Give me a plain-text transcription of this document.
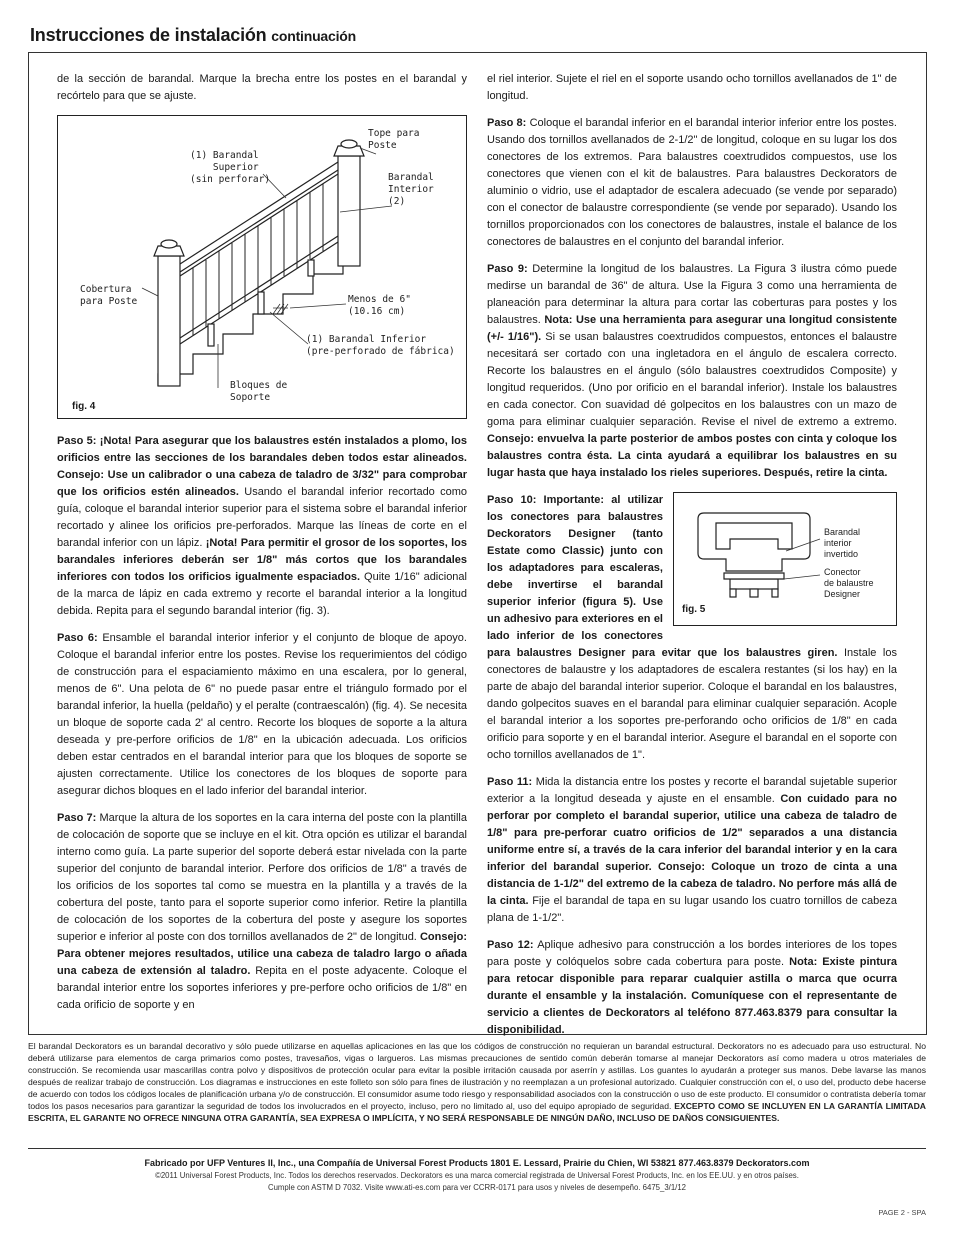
Instrucciones de instalación continuación

de la sección de barandal. Marque la brecha entre los postes en el barandal y recórtelo para que se ajuste.

(1) Barandal
Superior
(sin perforar)
Tope para
Poste
Barandal
Interior
(2)
Cobertura
para Poste	Menos de 6"
(10.16 cm)
(1) Barandal Inferior
(pre-perforado de fábrica)
Bloques de
Soporte
fig. 4

Paso 5: ¡Nota! Para asegurar que los balaustres estén instalados a plomo, los orificios entre las secciones de los barandales deben todos estar alineados. Consejo: Use un calibrador o una cabeza de taladro de 3/32" para comprobar que los orificios estén alineados. Usando el barandal inferior recortado como guía, coloque el barandal interior superior para el sistema sobre el barandal inferior recortado y alinee los orificios pre-perforados. Marque las líneas de corte en el barandal inferior con un lápiz. ¡Nota! Para permitir el grosor de los soportes, los barandales inferiores deberán ser 1/8" más cortos que los barandales inferiores con todos los orificios igualmente espaciados. Quite 1/16" adicional de la marca de lápiz en cada extremo y recorte el barandal interior a la longitud debida. Repita para el segundo barandal interior (fig. 3).

Paso 6: Ensamble el barandal interior inferior y el conjunto de bloque de apoyo. Coloque el barandal inferior entre los postes. Revise los requerimientos del código de construcción para el espaciamiento máximo en una escalera, por lo general, menos de 6". Una pelota de 6" no puede pasar entre el triángulo formado por el barandal inferior, la huella (peldaño) y el peralte (contraescalón) (fig. 4). Se necesita un bloque de soporte cada 2' al centro. Recorte los bloques de soporte a la altura deseada y pre-perfore orificios de 1/8" en la ubicación adecuada. Los orificios deben estar centrados en el barandal interior para que los bloques de soporte se ajusten correctamente. Utilice los conectores de los bloques de soporte para asegurar dichos bloques en el lado inferior del barandal interior.

Paso 7: Marque la altura de los soportes en la cara interna del poste con la plantilla de colocación de soporte que se incluye en el kit. Otra opción es utilizar el barandal interno como guía. La parte superior del soporte deberá estar nivelada con la parte superior del conjunto de barandal interior. Perfore dos orificios de 1/8" a través de los orificios de los soportes tal como se muestra en la plantilla y a través de la cobertura del poste, tanto para el soporte superior como inferior. Retire la plantilla de colocación de los soportes de la cobertura del poste y asegure los soportes superior e inferior al poste con dos tornillos avellanados de 2" de longitud. Consejo: Para obtener mejores resultados, utilice una cabeza de taladro largo o añada una cabeza de extensión al taladro. Repita en el poste adyacente. Coloque el barandal interior entre los soportes inferiores y pre-perfore ocho orificios de 1/8" en cada orificio de soporte y en

el riel interior. Sujete el riel en el soporte usando ocho tornillos avellanados de 1" de longitud.

Paso 8: Coloque el barandal inferior en el barandal interior inferior entre los postes. Usando dos tornillos avellanados de 2-1/2" de longitud, coloque en su lugar los dos conectores de los extremos. Para balaustres coextrudidos compuestos, use los conectores que vienen con el kit de balaustres. Para balaustres Deckorators de aluminio o vidrio, use el adaptador de escalera adecuado (se vende por separado) con el conector de balaustre correspondiente (se vende por separado). Usando los tornillos proporcionados con los conectores de balaustres, instale el balance de los conectores de balaustres en el conjunto del barandal inferior.

Paso 9: Determine la longitud de los balaustres. La Figura 3 ilustra cómo puede medirse un barandal de 36" de altura. Use la Figura 3 como una herramienta de planeación para determinar la altura para cortar las coberturas para postes y los balaustres. Nota: Use una herramienta para asegurar una longitud consistente (+/- 1/16"). Si se usan balaustres coextrudidos compuestos, entonces el balaustre necesitará ser cortado con una ingletadora en el ángulo de escalera correcto. Recorte los balaustres en el ángulo (sólo balaustres coextrudidos Composite) y longitud requeridos. (Uno por orificio en el barandal inferior). Instale los balaustres en cada conector. Con suavidad dé golpecitos en los balaustres con un mazo de goma para eliminar cualquier separación. Revise el nivel de extremo a extremo. Consejo: envuelva la parte posterior de ambos postes con cinta y coloque los balaustres contra ésta. La cinta ayudará a equilibrar los balaustres en su lugar hasta que haya instalado los rieles superiores. Después, retire la cinta.

Barandal
interior
invertido
Conector
de balaustre
Designer
fig. 5

Paso 10: Importante: al utilizar los conectores para balaustres Deckorators Designer (tanto Estate como Classic) junto con los adaptadores para escaleras, debe invertirse el barandal superior inferior (figura 5). Use un adhesivo para exteriores en el lado inferior de los conectores para balaustres Designer para evitar que los balaustres giren. Instale los conectores de balaustre y los adaptadores de escalera restantes (si los hay) en la parte de abajo del barandal interior superior. Coloque el barandal en los balaustres, dando golpecitos suaves en el barandal para eliminar cualquier separación. Acople el barandal interior a los soportes pre-perforando ocho orificios de 1/8" en cada orificio para soporte y en el barandal interior. Asegure el barandal en el soporte con ocho tornillos avellanados de 1".

Paso 11: Mida la distancia entre los postes y recorte el barandal sujetable superior exterior a la longitud deseada y ajuste en el ensamble. Con cuidado para no perforar por completo el barandal superior, utilice una cabeza de taladro de 1/8" para pre-perforar cuatro orificios de 1/2" separados a una distancia uniforme entre sí, a través de la cara inferior del barandal interior y en la cara inferior del barandal superior. Consejo: Coloque un trozo de cinta a una distancia de 1-1/2" del extremo de la cabeza de taladro. No perfore más allá de la cinta. Fije el barandal de tapa en su lugar usando los cuatro tornillos de cabeza plana de 1-1/2".

Paso 12: Aplique adhesivo para construcción a los bordes interiores de los topes para poste y colóquelos sobre cada cobertura para poste. Nota: Existe pintura para retocar disponible para reparar cualquier astilla o marca que ocurra durante el ensamble y la instalación. Comuníquese con el representante de servicio a clientes de Deckorators al teléfono 877.463.8379 para consultar la disponibilidad.

El barandal Deckorators es un barandal decorativo y sólo puede utilizarse en aquellas aplicaciones en las que los códigos de construcción no requieran un barandal estructural. Deckorators no es adecuado para uso estructural. No deberá utilizarse para elementos de carga primarios como postes, travesaños, vigas o largueros. Las mismas precauciones de sentido común deberán tomarse al manejar Deckorators así como madera u otros materiales de construcción. Se recomienda usar mascarillas contra polvo y dispositivos de protección ocular para evitar la posible irritación causada por aserrín y astillas. Los guantes lo ayudarán a proteger sus manos. Debe lavarse las manos después de realizar trabajo de construcción. Los diagramas e instrucciones en este folleto son sólo para fines de ilustración y no reemplazan a un profesional autorizado. Cualquier construcción con el, o uso del, producto debe hacerse de acuerdo con todos los códigos locales de planificación urbana y/o de construcción. El consumidor asume todo riesgo y responsabilidad asociados con la construcción o uso de este producto. El consumidor o contratista debería tomar todos los pasos necesarios para garantizar la seguridad de todos los involucrados en el proyecto, incluso, pero no limitado al, uso del equipo apropiado de seguridad. EXCEPTO COMO SE INCLUYEN EN LA GARANTÍA LIMITADA ESCRITA, EL GARANTE NO OFRECE NINGUNA OTRA GARANTÍA, SEA EXPRESA O IMPLÍCITA, Y NO SERÁ RESPONSABLE DE NINGÚN DAÑO, INCLUSO DE DAÑOS CONSIGUIENTES.
Fabricado por UFP Ventures II, Inc., una Compañía de Universal Forest Products 1801 E. Lessard, Prairie du Chien, WI 53821 877.463.8379 Deckorators.com
©2011 Universal Forest Products, Inc. Todos los derechos reservados. Deckorators es una marca comercial registrada de Universal Forest Products, Inc. en los EE.UU. y en otros países.
Cumple con ASTM D 7032. Visite www.ati-es.com para ver CCRR-0171 para usos y niveles de desempeño. 6475_3/1/12
PAGE 2 - SPA
